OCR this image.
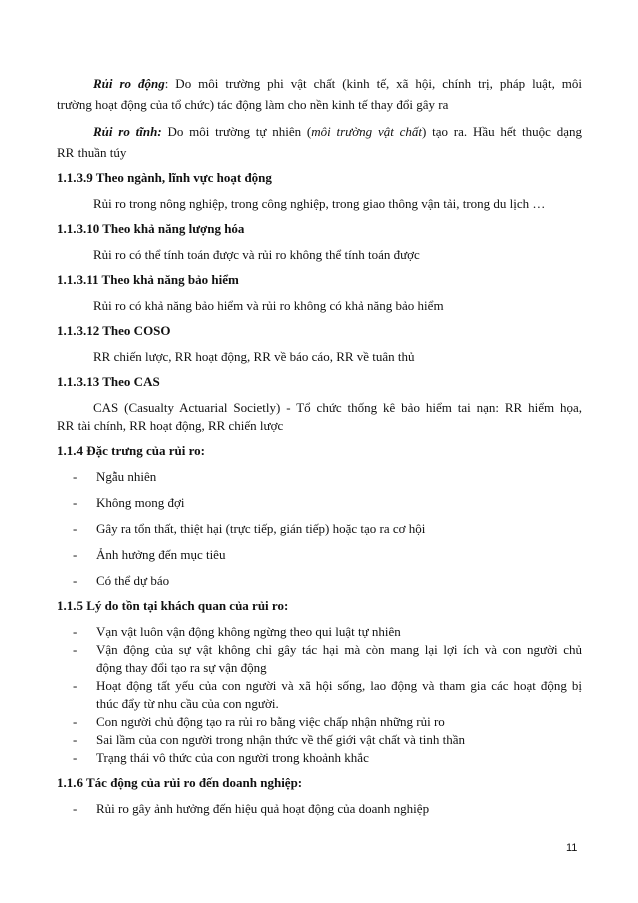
Rủi ro động: Do môi trường phi vật chất (kinh tế, xã hội, chính trị, pháp luật, môi
trường hoạt động của tổ chức) tác động làm cho nền kinh tế thay đổi gây ra
Rủi ro tĩnh: Do môi trường tự nhiên (môi trường vật chất) tạo ra. Hầu hết thuộc dạng
RR thuần túy
1.1.3.9 Theo ngành, lĩnh vực hoạt động
Rủi ro trong nông nghiệp, trong công nghiệp, trong giao thông vận tải, trong du lịch …
1.1.3.10 Theo khả năng lượng hóa
Rủi ro có thể tính toán được và rủi ro không thể tính toán được
1.1.3.11 Theo khả năng bảo hiểm
Rủi ro có khả năng bảo hiểm và rủi ro không có khả năng bảo hiểm
1.1.3.12 Theo COSO
RR chiến lược, RR hoạt động, RR về báo cáo, RR về tuân thủ
1.1.3.13 Theo CAS
CAS (Casualty Actuarial Societly) - Tổ chức thống kê bảo hiểm tai nạn: RR hiểm họa,
RR tài chính, RR hoạt động, RR chiến lược
1.1.4 Đặc trưng của rủi ro:
- Ngẫu nhiên
- Không mong đợi
- Gây ra tổn thất, thiệt hại (trực tiếp, gián tiếp) hoặc tạo ra cơ hội
- Ảnh hưởng đến mục tiêu
- Có thể dự báo
1.1.5 Lý do tồn tại khách quan của rủi ro:
- Vạn vật luôn vận động không ngừng theo qui luật tự nhiên
- Vận động của sự vật không chỉ gây tác hại mà còn mang lại lợi ích và con người chủ
động thay đổi tạo ra sự vận động
- Hoạt động tất yếu của con người và xã hội sống, lao động và tham gia các hoạt động bị
thúc đẩy từ nhu cầu của con người.
- Con người chủ động tạo ra rủi ro bằng việc chấp nhận những rủi ro
- Sai lầm của con người trong nhận thức về thế giới vật chất và tinh thần
- Trạng thái vô thức của con người trong khoảnh khắc
1.1.6 Tác động của rủi ro đến doanh nghiệp:
- Rủi ro gây ảnh hưởng đến hiệu quả hoạt động của doanh nghiệp
11
